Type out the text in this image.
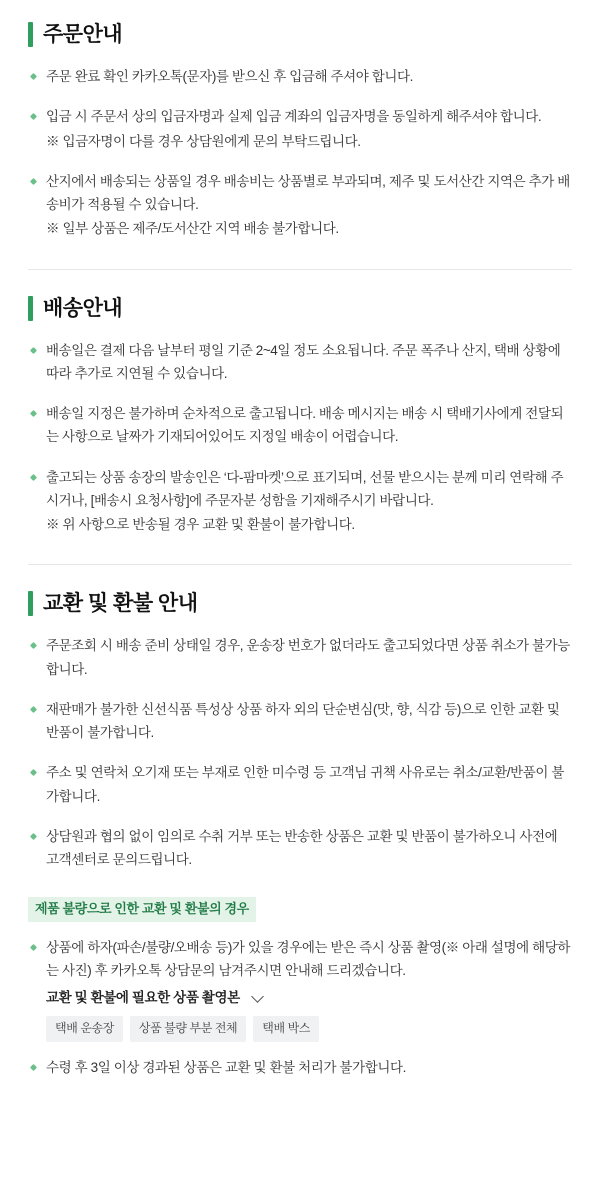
주문안내
주문 완료 확인 카카오톡(문자)를 받으신 후 입금해 주셔야 합니다.
입금 시 주문서 상의 입금자명과 실제 입금 계좌의 입금자명을 동일하게 해주셔야 합니다.
※ 입금자명이 다를 경우 상담원에게 문의 부탁드립니다.
산지에서 배송되는 상품일 경우 배송비는 상품별로 부과되며, 제주 및 도서산간 지역은 추가 배송비가 적용될 수 있습니다.
※ 일부 상품은 제주/도서산간 지역 배송 불가합니다.
배송안내
배송일은 결제 다음 날부터 평일 기준 2~4일 정도 소요됩니다. 주문 폭주나 산지, 택배 상황에 따라 추가로 지연될 수 있습니다.
배송일 지정은 불가하며 순차적으로 출고됩니다. 배송 메시지는 배송 시 택배기사에게 전달되는 사항으로 날짜가 기재되어있어도 지정일 배송이 어렵습니다.
출고되는 상품 송장의 발송인은 ‘다-팜마켓’으로 표기되며, 선물 받으시는 분께 미리 연락해 주시거나, [배송시 요청사항]에 주문자분 성함을 기재해주시기 바랍니다.
※ 위 사항으로 반송될 경우 교환 및 환불이 불가합니다.
교환 및 환불 안내
주문조회 시 배송 준비 상태일 경우, 운송장 번호가 없더라도 출고되었다면 상품 취소가 불가능합니다.
재판매가 불가한 신선식품 특성상 상품 하자 외의 단순변심(맛, 향, 식감 등)으로 인한 교환 및 반품이 불가합니다.
주소 및 연락처 오기재 또는 부재로 인한 미수령 등 고객님 귀책 사유로는 취소/교환/반품이 불가합니다.
상담원과 협의 없이 임의로 수취 거부 또는 반송한 상품은 교환 및 반품이 불가하오니 사전에 고객센터로 문의드립니다.
제품 불량으로 인한 교환 및 환불의 경우
상품에 하자(파손/불량/오배송 등)가 있을 경우에는 받은 즉시 상품 촬영(※ 아래 설명에 해당하는 사진) 후 카카오톡 상담문의 남겨주시면 안내해 드리겠습니다.
교환 및 환불에 필요한 상품 촬영본
택배 운송장	상품 불량 부분 전체	택배 박스
수령 후 3일 이상 경과된 상품은 교환 및 환불 처리가 불가합니다.
